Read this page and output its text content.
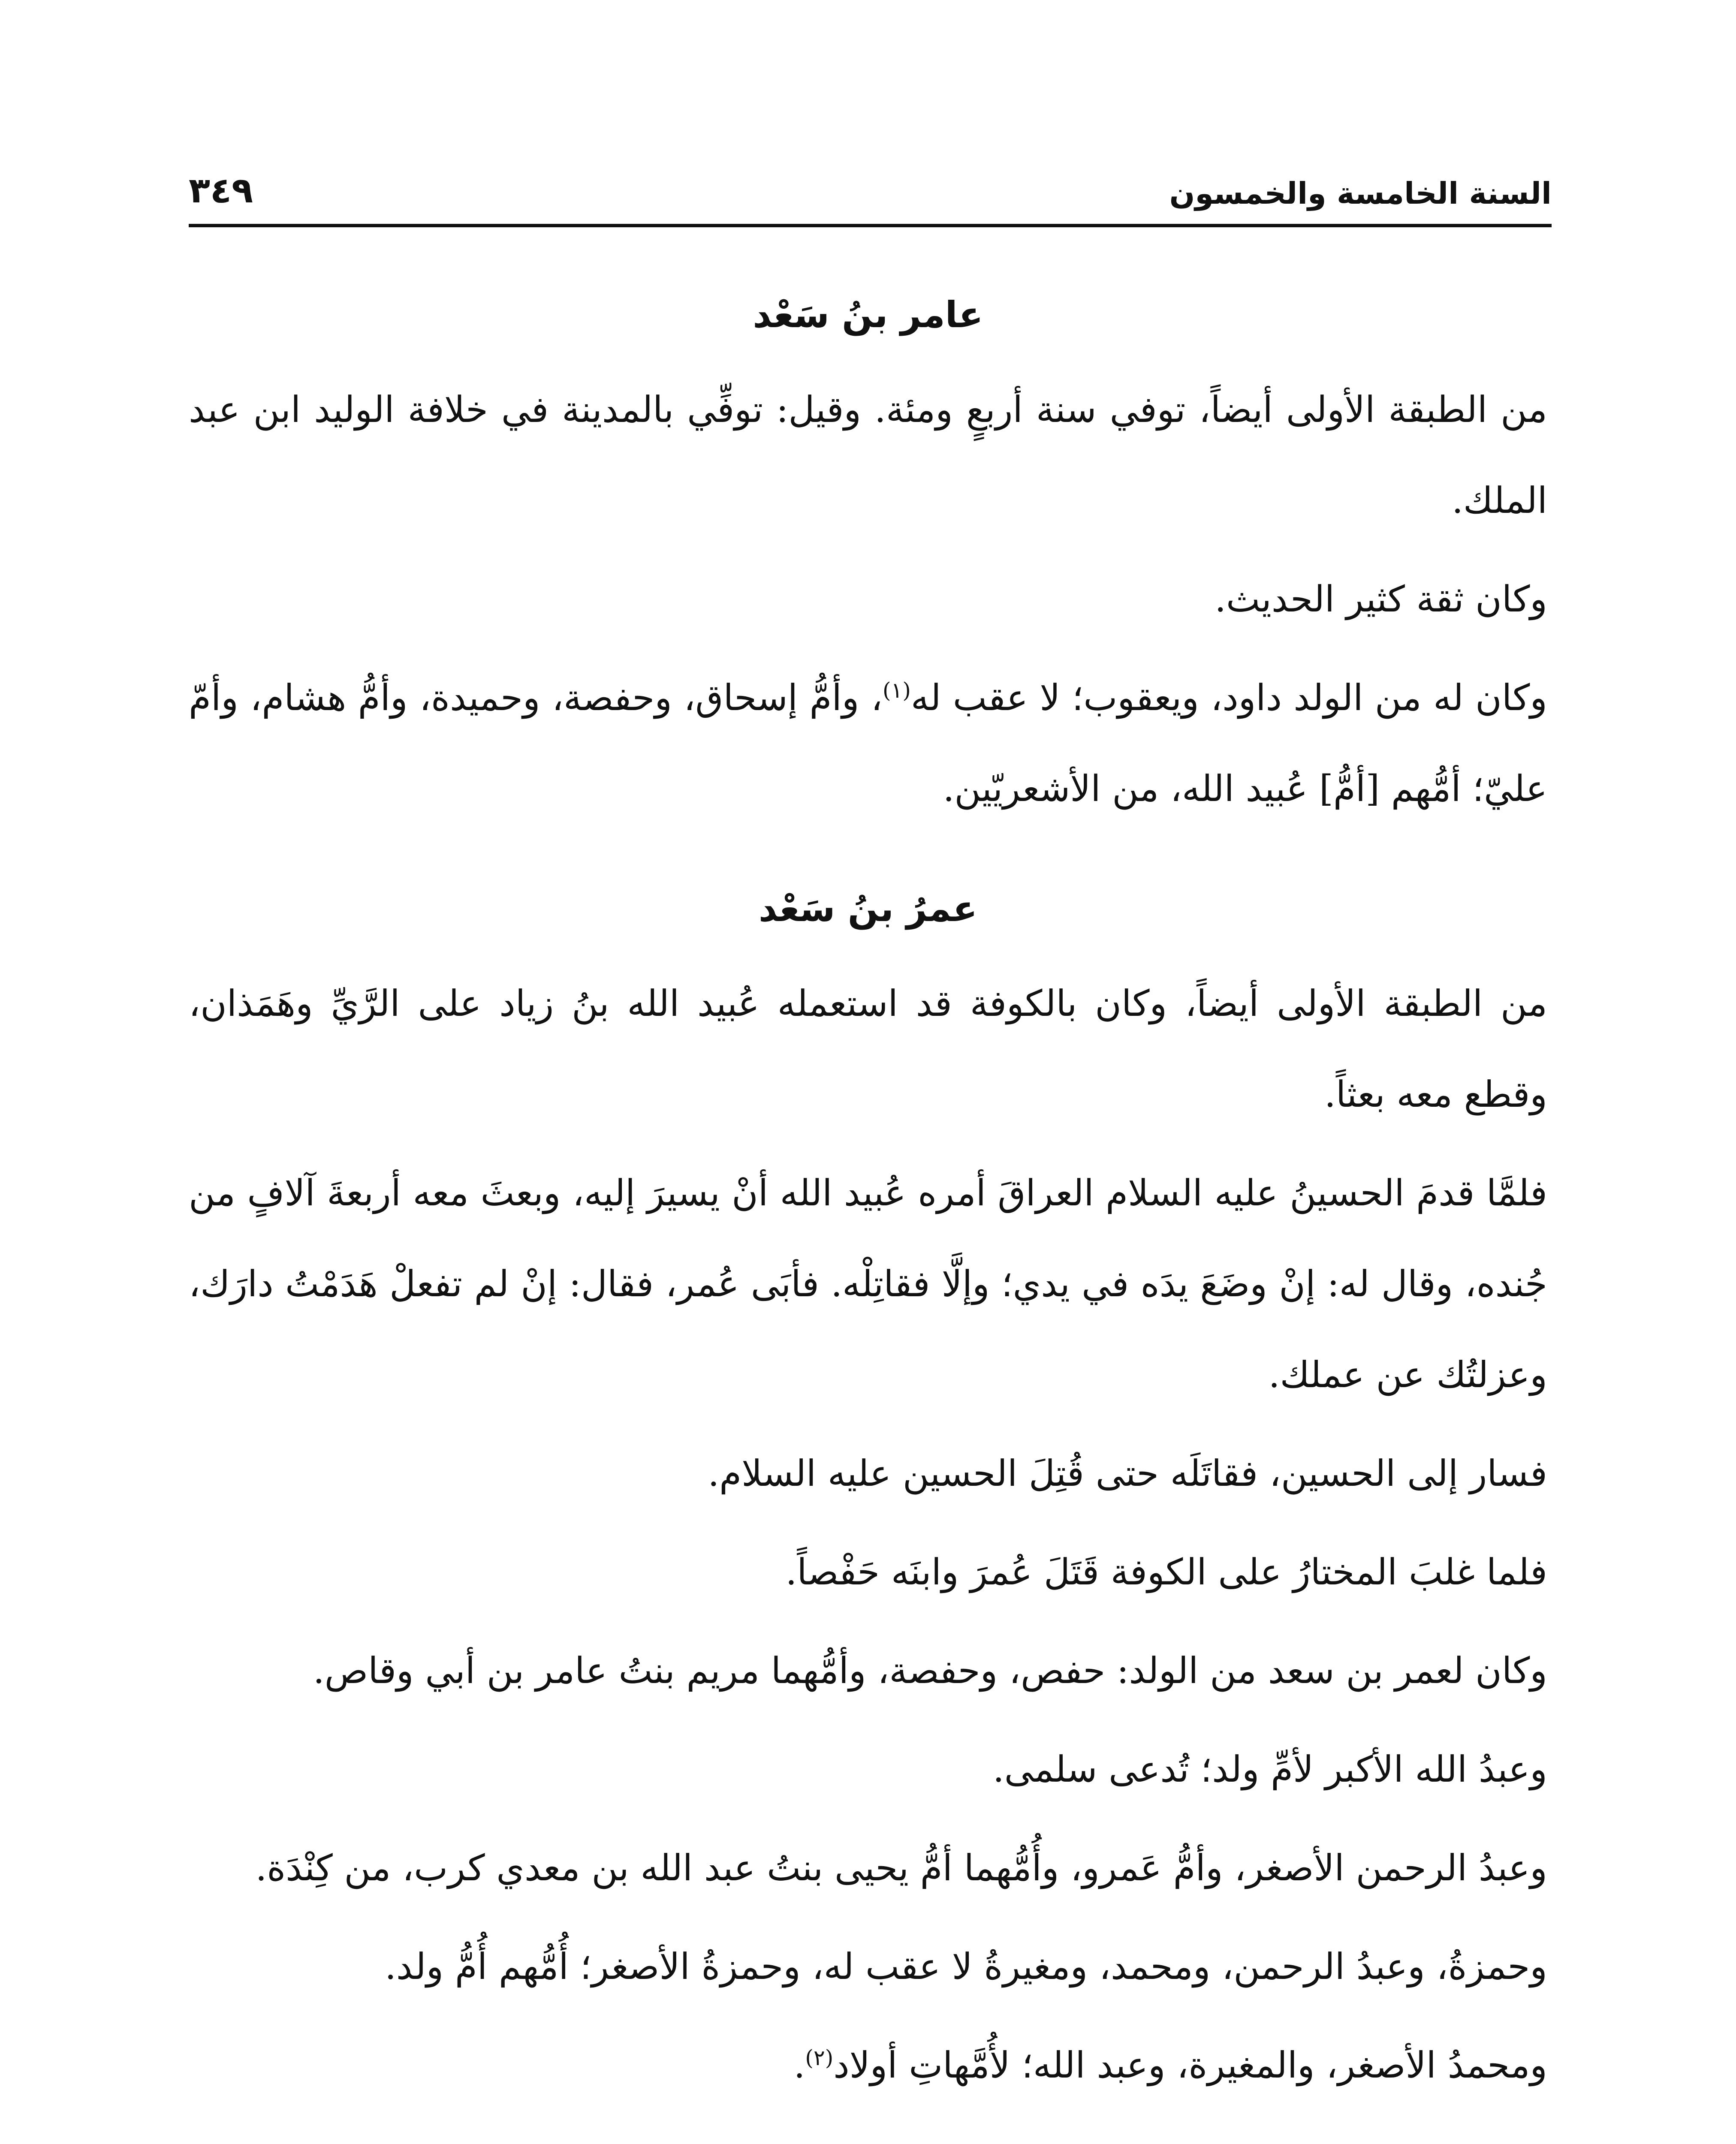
السنة الخامسة والخمسون
٣٤٩
عامر بنُ سَعْد

من الطبقة الأولى أيضاً، توفي سنة أربعٍ ومئة. وقيل: توفِّي بالمدينة في خلافة الوليد ابن عبد الملك.

وكان ثقة كثير الحديث.

وكان له من الولد داود، ويعقوب؛ لا عقب له$^{(١)}$، وأمُّ إسحاق، وحفصة، وحميدة، وأمُّ هشام، وأمّ عليّ؛ أمُّهم [أمُّ] عُبيد الله، من الأشعريّين.

عمرُ بنُ سَعْد

من الطبقة الأولى أيضاً، وكان بالكوفة قد استعمله عُبيد الله بنُ زياد على الرَّيِّ وهَمَذان، وقطع معه بعثاً.

فلمَّا قدمَ الحسينُ عليه السلام العراقَ أمره عُبيد الله أنْ يسيرَ إليه، وبعثَ معه أربعةَ آلافٍ من جُنده، وقال له: إنْ وضَعَ يدَه في يدي؛ وإلَّا فقاتِلْه. فأبَى عُمر، فقال: إنْ لم تفعلْ هَدَمْتُ دارَك، وعزلتُك عن عملك.

فسار إلى الحسين، فقاتَلَه حتى قُتِلَ الحسين عليه السلام.

فلما غلبَ المختارُ على الكوفة قَتَلَ عُمرَ وابنَه حَفْصاً.

وكان لعمر بن سعد من الولد: حفص، وحفصة، وأمُّهما مريم بنتُ عامر بن أبي وقاص.

وعبدُ الله الأكبر لأمِّ ولد؛ تُدعى سلمى.

وعبدُ الرحمن الأصغر، وأمُّ عَمرو، وأُمُّهما أمُّ يحيى بنتُ عبد الله بن معدي كرب، من كِنْدَة.

وحمزةُ، وعبدُ الرحمن، ومحمد، ومغيرةُ لا عقب له، وحمزةُ الأصغر؛ أُمُّهم أُمُّ ولد.

ومحمدُ الأصغر، والمغيرة، وعبد الله؛ لأُمَّهاتِ أولاد$^{(٢)}$.
